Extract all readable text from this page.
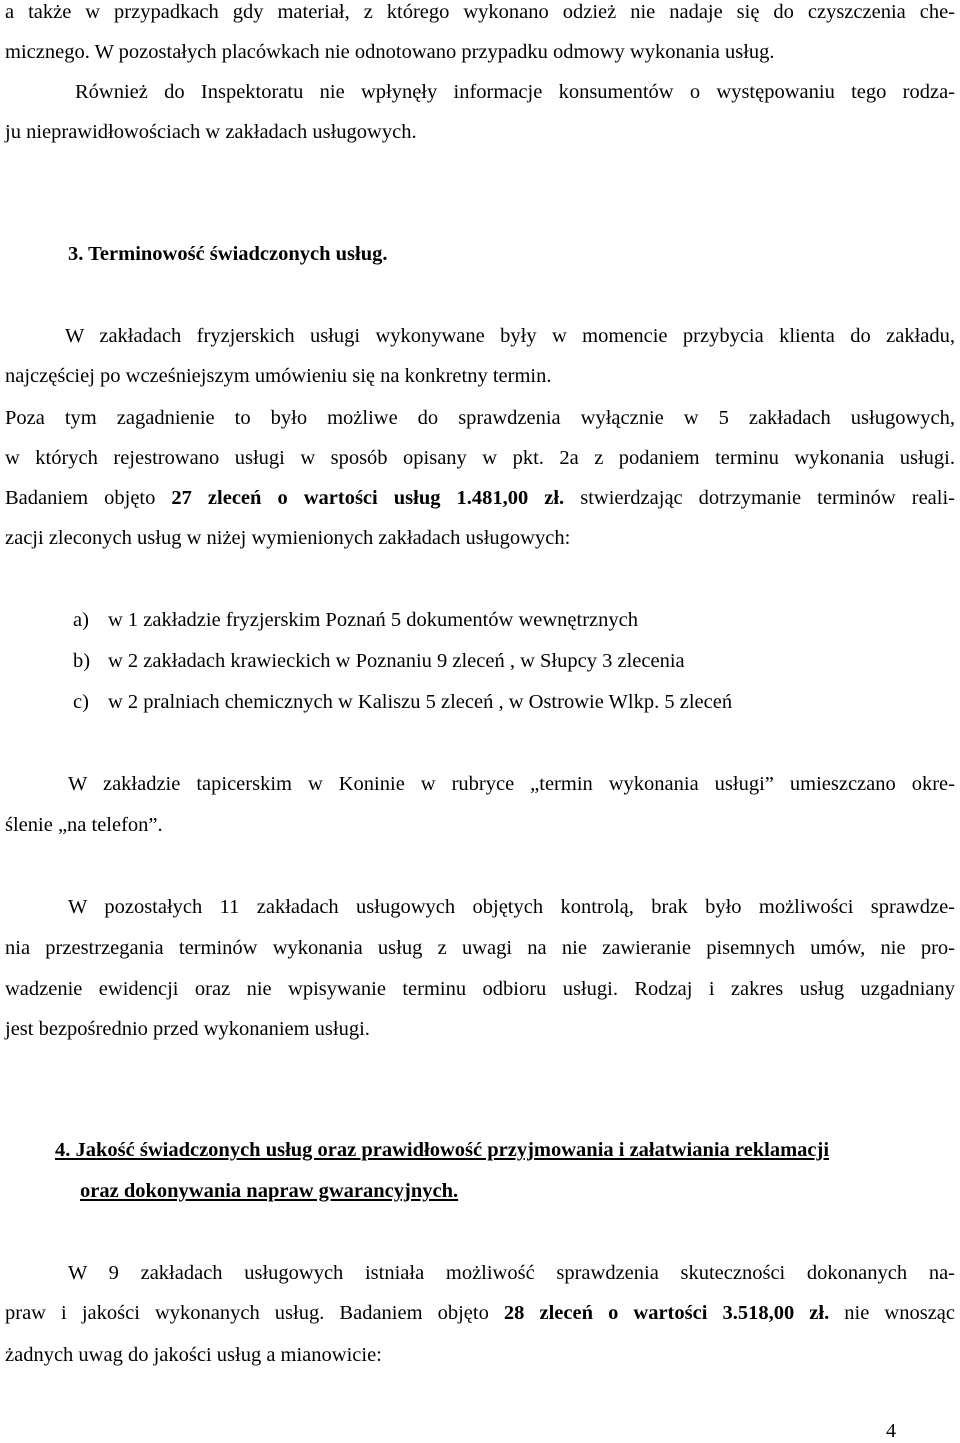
a także w przypadkach gdy materiał, z którego wykonano odzież nie nadaje się do czyszczenia che-
micznego. W pozostałych placówkach nie odnotowano przypadku odmowy wykonania usług.
Również do Inspektoratu nie wpłynęły informacje konsumentów o występowaniu tego rodza-
ju nieprawidłowościach w zakładach usługowych.
3. Terminowość świadczonych usług.
W zakładach fryzjerskich usługi wykonywane były w momencie przybycia klienta do zakładu,
najczęściej po wcześniejszym umówieniu się na konkretny termin.
Poza tym zagadnienie to było możliwe do sprawdzenia wyłącznie w 5 zakładach usługowych,
w których rejestrowano usługi w sposób opisany w pkt. 2a z podaniem terminu wykonania usługi.
Badaniem objęto 27 zleceń o wartości usług 1.481,00 zł. stwierdzając dotrzymanie terminów reali-
zacji zleconych usług w niżej wymienionych zakładach usługowych:
a) w 1 zakładzie fryzjerskim Poznań 5 dokumentów wewnętrznych
b) w 2 zakładach krawieckich w Poznaniu 9 zleceń , w Słupcy 3 zlecenia
c) w 2 pralniach chemicznych w Kaliszu 5 zleceń , w Ostrowie Wlkp. 5 zleceń
W zakładzie tapicerskim w Koninie w rubryce „termin wykonania usługi” umieszczano okre-
ślenie „na telefon”.
W pozostałych 11 zakładach usługowych objętych kontrolą, brak było możliwości sprawdze-
nia przestrzegania terminów wykonania usług z uwagi na nie zawieranie pisemnych umów, nie pro-
wadzenie ewidencji oraz nie wpisywanie terminu odbioru usługi. Rodzaj i zakres usług uzgadniany
jest bezpośrednio przed wykonaniem usługi.
4. Jakość świadczonych usług oraz prawidłowość przyjmowania i załatwiania reklamacji
oraz dokonywania napraw gwarancyjnych.
W 9 zakładach usługowych istniała możliwość sprawdzenia skuteczności dokonanych na-
praw i jakości wykonanych usług. Badaniem objęto 28 zleceń o wartości 3.518,00 zł. nie wnosząc
żadnych uwag do jakości usług a mianowicie:
4
